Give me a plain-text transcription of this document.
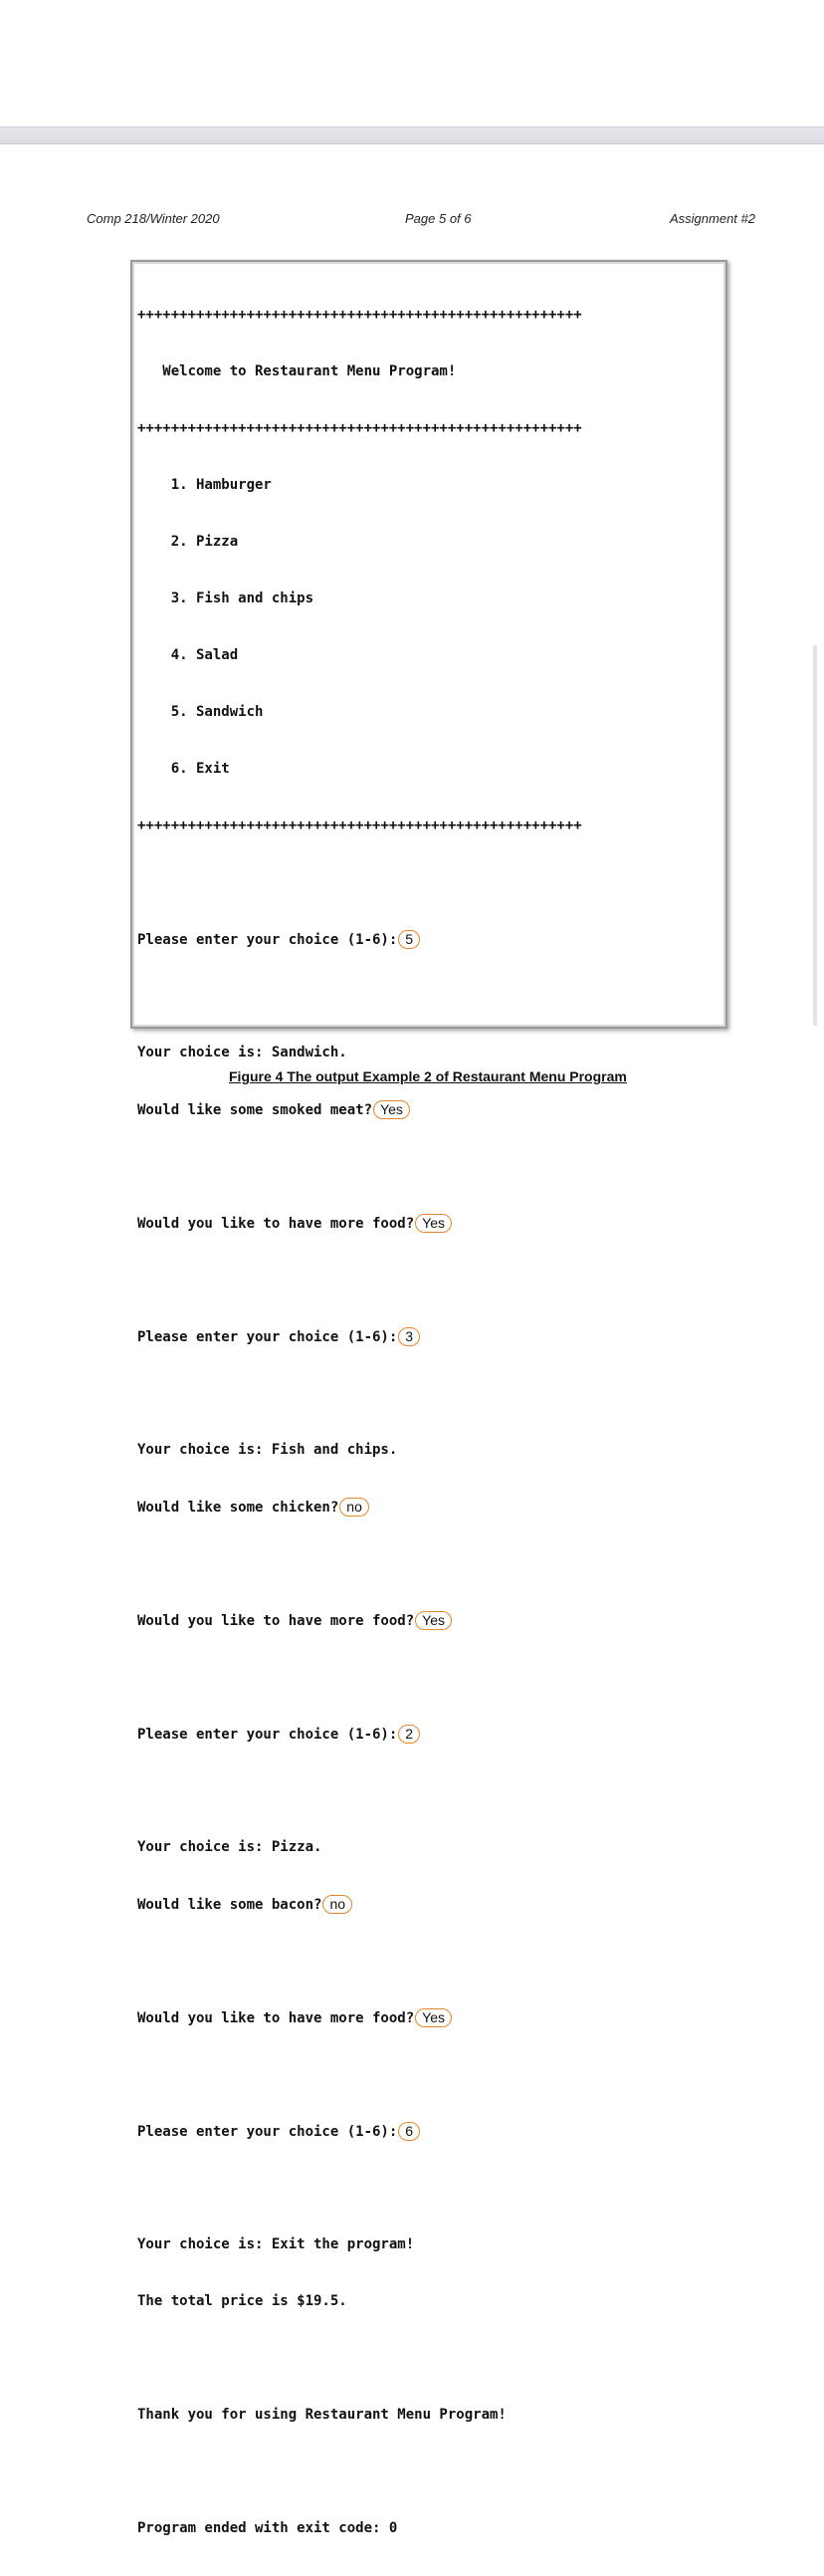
Comp 218/Winter 2020	Page 5 of 6	Assignment #2

+++++++++++++++++++++++++++++++++++++++++++++++++++++

Welcome to Restaurant Menu Program!

+++++++++++++++++++++++++++++++++++++++++++++++++++++

1. Hamburger

2. Pizza

3. Fish and chips

4. Salad

5. Sandwich

6. Exit

+++++++++++++++++++++++++++++++++++++++++++++++++++++

Please enter your choice (1-6): 5

Your choice is: Sandwich.

Would like some smoked meat? Yes

Would you like to have more food? Yes

Please enter your choice (1-6): 3

Your choice is: Fish and chips.

Would like some chicken? no

Would you like to have more food? Yes

Please enter your choice (1-6): 2

Your choice is: Pizza.

Would like some bacon? no

Would you like to have more food? Yes

Please enter your choice (1-6): 6

Your choice is: Exit the program!

The total price is $19.5.

Thank you for using Restaurant Menu Program!

Program ended with exit code: 0

Figure 4 The output Example 2 of Restaurant Menu Program
